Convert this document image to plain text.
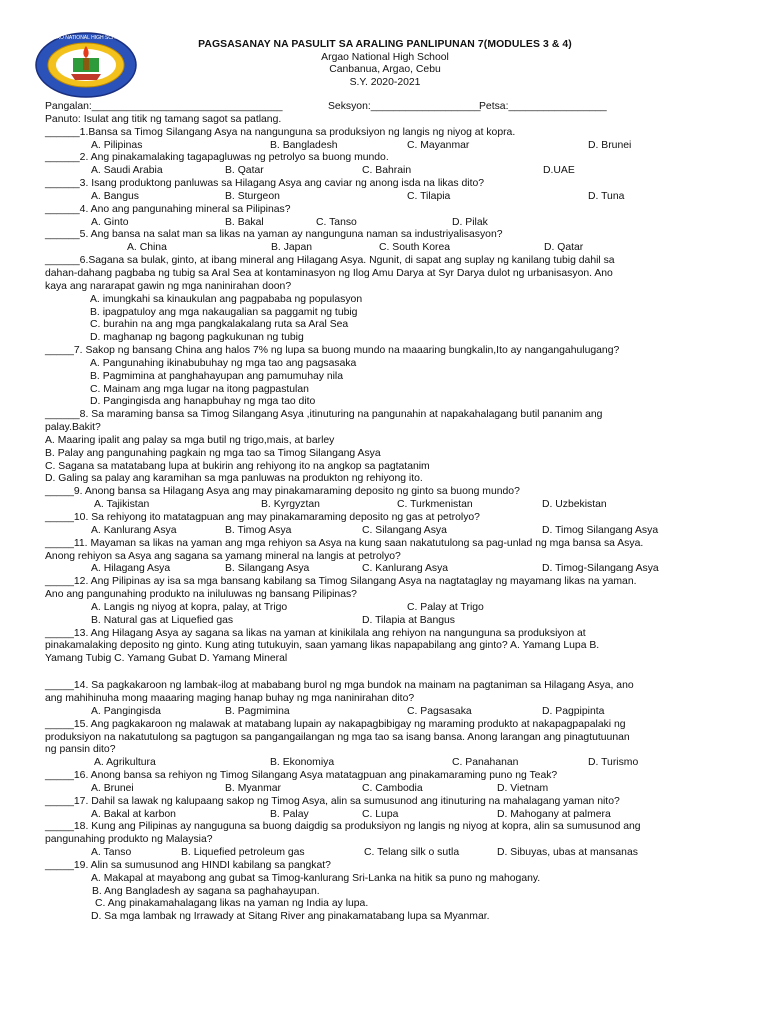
ARGAO NATIONAL HIGH SCHOOL
PAGSASANAY NA PASULIT SA ARALING PANLIPUNAN 7(MODULES 3 & 4)
Argao National High School
Canbanua, Argao, Cebu
S.Y. 2020-2021
Pangalan:_________________________________	Seksyon:___________________
Petsa:_________________
Panuto: Isulat ang titik ng tamang sagot sa patlang.
______1.Bansa sa Timog Silangang Asya na nangunguna sa produksiyon ng langis ng niyog at kopra.
A. Pilipinas	B. Bangladesh	C. Mayanmar	D. Brunei
______2. Ang pinakamalaking tagapagluwas ng petrolyo sa buong mundo.
A. Saudi Arabia	B. Qatar	C. Bahrain	D.UAE
______3. Isang produktong panluwas sa Hilagang Asya ang caviar ng anong isda na likas dito?
A. Bangus	B. Sturgeon	C. Tilapia	D. Tuna
______4. Ano ang pangunahing mineral sa Pilipinas?
A. Ginto	B. Bakal	C. Tanso	D. Pilak
______5. Ang bansa na salat man sa likas na yaman ay nangunguna naman sa industriyalisasyon?
A. China	B. Japan	C. South Korea	D. Qatar
______6.Sagana sa bulak, ginto, at ibang mineral ang Hilagang Asya. Ngunit, di sapat ang suplay ng kanilang tubig dahil sa
dahan-dahang pagbaba ng tubig sa Aral Sea at kontaminasyon ng Ilog Amu Darya at Syr Darya dulot ng urbanisasyon. Ano
kaya ang nararapat gawin ng mga naninirahan doon?
A. imungkahi sa kinaukulan ang pagpababa ng populasyon
B. ipagpatuloy ang mga nakaugalian sa paggamit ng tubig
C. burahin na ang mga pangkalakalang ruta sa Aral Sea
D. maghanap ng bagong pagkukunan ng tubig
_____7. Sakop ng bansang China ang halos 7% ng lupa sa buong mundo na maaaring bungkalin,Ito ay nangangahulugang?
A. Pangunahing ikinabubuhay ng mga tao ang pagsasaka
B. Pagmimina at panghahayupan ang pamumuhay nila
C. Mainam ang mga lugar na itong pagpastulan
D. Pangingisda ang hanapbuhay ng mga tao dito
______8. Sa maraming bansa sa Timog Silangang Asya ,itinuturing na pangunahin at napakahalagang butil pananim ang
palay.Bakit?
A. Maaring ipalit ang palay sa mga butil ng trigo,mais, at barley
B. Palay ang pangunahing pagkain ng mga tao sa Timog Silangang Asya
C. Sagana sa matatabang lupa at bukirin ang rehiyong ito na angkop sa pagtatanim
D. Galing sa palay ang karamihan sa mga panluwas na produkton ng rehiyong ito.
_____9. Anong bansa sa Hilagang Asya ang may pinakamaraming deposito ng ginto sa buong mundo?
A. Tajikistan	B. Kyrgyztan	C. Turkmenistan	D. Uzbekistan
_____10. Sa rehiyong ito matatagpuan ang may pinakamaraming deposito ng gas at petrolyo?
A. Kanlurang Asya	B. Timog Asya	C. Silangang Asya	D. Timog Silangang Asya
_____11. Mayaman sa likas na yaman ang mga rehiyon sa Asya na kung saan nakatutulong sa pag-unlad ng mga bansa sa Asya.
Anong rehiyon sa Asya ang sagana sa yamang mineral na langis at petrolyo?
A. Hilagang Asya	B. Silangang Asya	C. Kanlurang Asya	D. Timog-Silangang Asya
_____12. Ang Pilipinas ay isa sa mga bansang kabilang sa Timog Silangang Asya na nagtataglay ng mayamang likas na yaman.
Ano ang pangunahing produkto na iniluluwas ng bansang Pilipinas?
A. Langis ng niyog at kopra, palay, at Trigo	C. Palay at Trigo
B. Natural gas at Liquefied gas	D. Tilapia at Bangus
_____13. Ang Hilagang Asya ay sagana sa likas na yaman at kinikilala ang rehiyon na nangunguna sa produksiyon at
pinakamalaking deposito ng ginto. Kung ating tutukuyin, saan yamang likas napapabilang ang ginto? A. Yamang Lupa B.
Yamang Tubig C. Yamang Gubat D. Yamang Mineral
_____14. Sa pagkakaroon ng lambak-ilog at mababang burol ng mga bundok na mainam na pagtaniman sa Hilagang Asya, ano
ang mahihinuha mong maaaring maging hanap buhay ng mga naninirahan dito?
A. Pangingisda	B. Pagmimina	C. Pagsasaka	D. Pagpipinta
_____15. Ang pagkakaroon ng malawak at matabang lupain ay nakapagbibigay ng maraming produkto at nakapagpapalaki ng
produksiyon na nakatutulong sa pagtugon sa pangangailangan ng mga tao sa isang bansa. Anong larangan ang pinagtutuunan
ng pansin dito?
A. Agrikultura	B. Ekonomiya	C. Panahanan	D. Turismo
_____16. Anong bansa sa rehiyon ng Timog Silangang Asya matatagpuan ang pinakamaraming puno ng Teak?
A. Brunei	B. Myanmar	C. Cambodia	D. Vietnam
_____17. Dahil sa lawak ng kalupaang sakop ng Timog Asya, alin sa sumusunod ang itinuturing na mahalagang yaman nito?
A. Bakal at karbon	B. Palay	C. Lupa	D. Mahogany at palmera
_____18. Kung ang Pilipinas ay nanguguna sa buong daigdig sa produksiyon ng langis ng niyog at kopra, alin sa sumusunod ang
pangunahing produkto ng Malaysia?
A. Tanso	B. Liquefied petroleum gas	C. Telang silk o sutla	D. Sibuyas, ubas at mansanas
_____19. Alin sa sumusunod ang HINDI kabilang sa pangkat?
A. Makapal at mayabong ang gubat sa Timog-kanlurang Sri-Lanka na hitik sa puno ng mahogany.
B. Ang Bangladesh ay sagana sa paghahayupan.
C. Ang pinakamahalagang likas na yaman ng India ay lupa.
D. Sa mga lambak ng Irrawady at Sitang River ang pinakamatabang lupa sa Myanmar.
